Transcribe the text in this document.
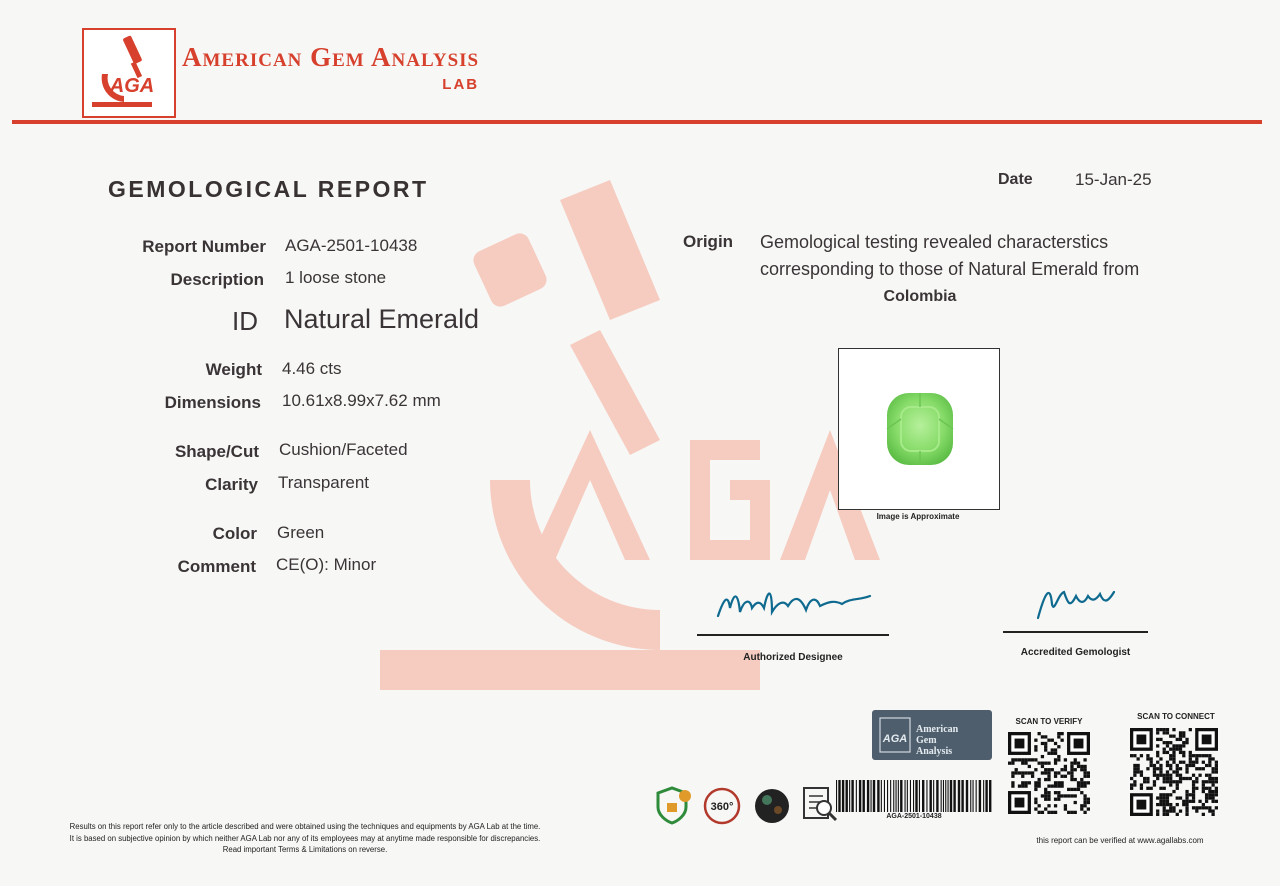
AGA
American Gem Analysis
LAB
GEMOLOGICAL REPORT
Report Number AGA-2501-10438
Description 1 loose stone
ID Natural Emerald
Weight 4.46 cts
Dimensions 10.61x8.99x7.62 mm
Shape/Cut Cushion/Faceted
Clarity Transparent
Color Green
Comment CE(O): Minor
Date 15-Jan-25
Origin Gemological testing revealed characterstics corresponding to those of Natural Emerald from
Colombia
Image is Approximate
Authorized Designee	Accredited Gemologist
AGA
American
Gem
Analysis
SCAN TO VERIFY
SCAN TO CONNECT
360°
AGA-2501-10438
Results on this report refer only to the article described and were obtained using the techniques and equipments by AGA Lab at the time.
It is based on subjective opinion by which neither AGA Lab nor any of its employees may at anytime made responsible for discrepancies.
Read important Terms & Limitations on reverse.
this report can be verified at www.agallabs.com
